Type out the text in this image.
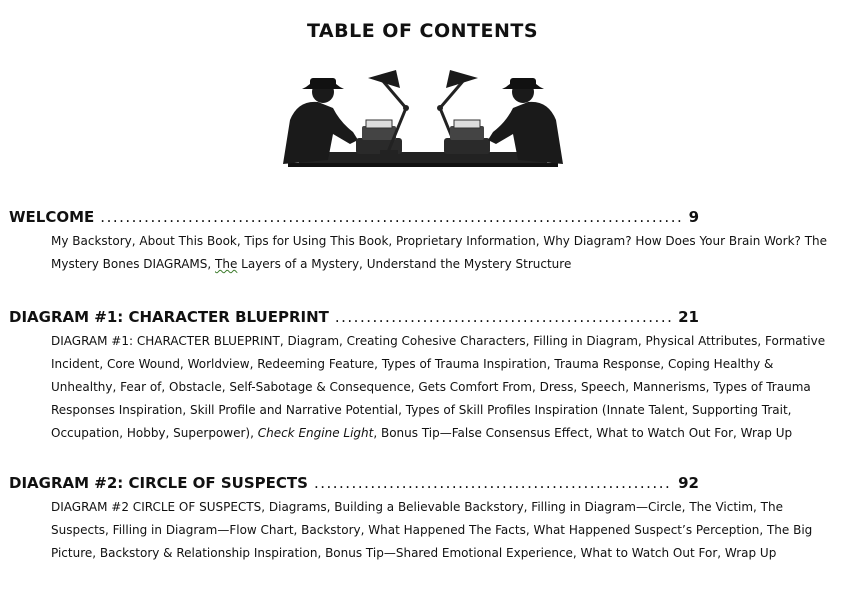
TABLE OF CONTENTS
WELCOME .....	9
My Backstory, About This Book, Tips for Using This Book, Proprietary Information, Why Diagram? How Does Your Brain Work? The Mystery Bones DIAGRAMS, The Layers of a Mystery, Understand the Mystery Structure
DIAGRAM #1: CHARACTER BLUEPRINT .....	21
DIAGRAM #1: CHARACTER BLUEPRINT, Diagram, Creating Cohesive Characters, Filling in Diagram, Physical Attributes, Formative Incident, Core Wound, Worldview, Redeeming Feature, Types of Trauma Inspiration, Trauma Response, Coping Healthy & Unhealthy, Fear of, Obstacle, Self-Sabotage & Consequence, Gets Comfort From, Dress, Speech, Mannerisms, Types of Trauma Responses Inspiration, Skill Profile and Narrative Potential, Types of Skill Profiles Inspiration (Innate Talent, Supporting Trait, Occupation, Hobby, Superpower), Check Engine Light, Bonus Tip—False Consensus Effect, What to Watch Out For, Wrap Up
DIAGRAM #2: CIRCLE OF SUSPECTS .....	92
DIAGRAM #2 CIRCLE OF SUSPECTS, Diagrams, Building a Believable Backstory, Filling in Diagram—Circle, The Victim, The Suspects, Filling in Diagram—Flow Chart, Backstory, What Happened The Facts, What Happened Suspect’s Perception, The Big Picture, Backstory & Relationship Inspiration, Bonus Tip—Shared Emotional Experience, What to Watch Out For, Wrap Up
